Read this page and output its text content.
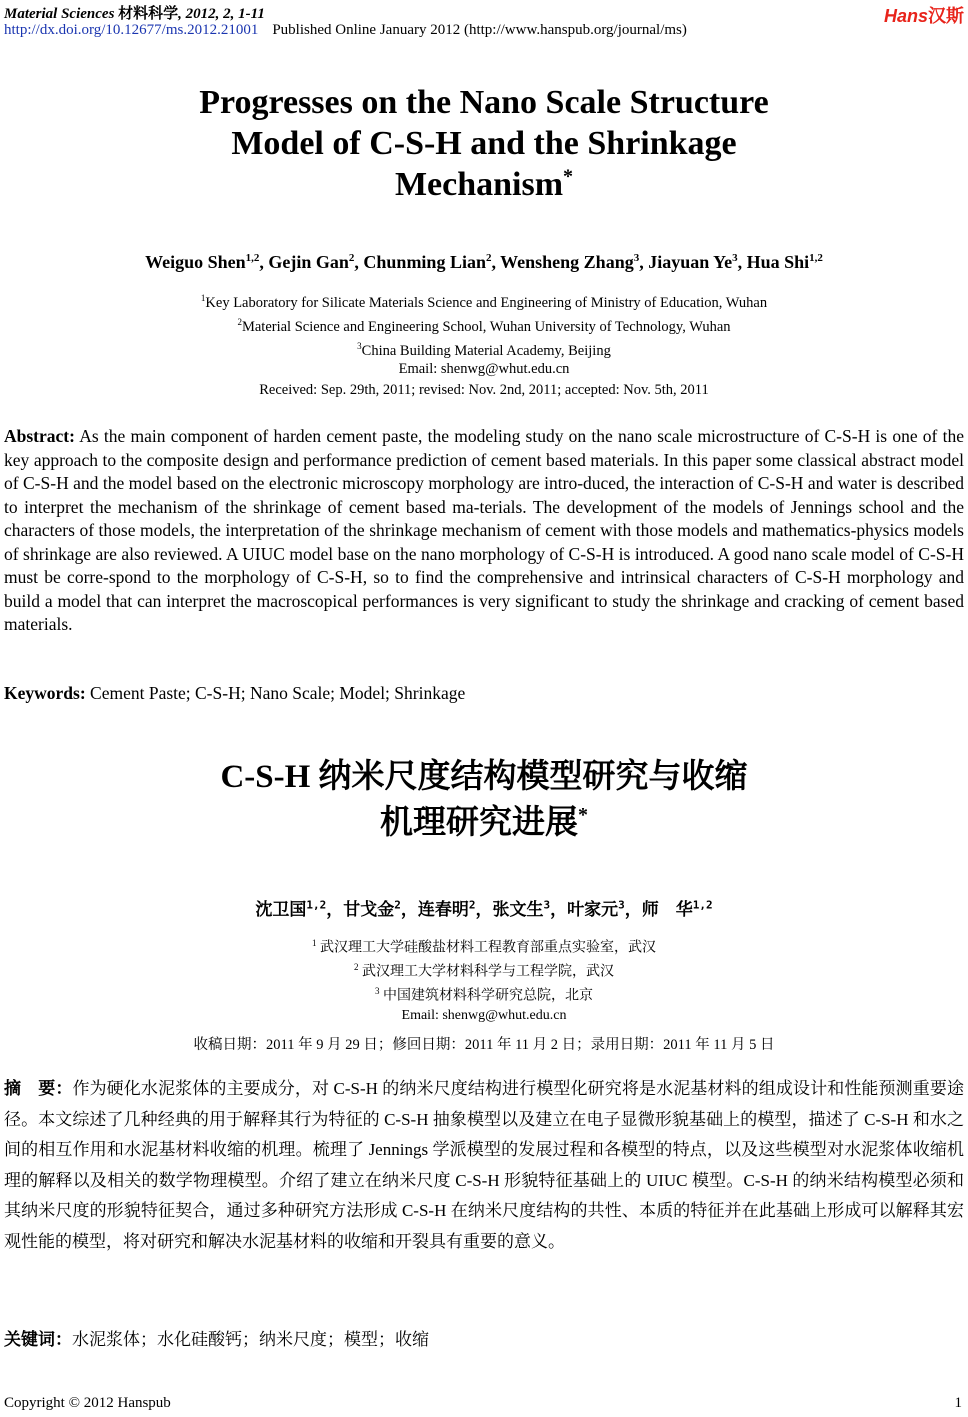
Material Sciences 材料科学, 2012, 2, 1-11
http://dx.doi.org/10.12677/ms.2012.21001 Published Online January 2012 (http://www.hanspub.org/journal/ms)
Hans汉斯
Progresses on the Nano Scale Structure
Model of C-S-H and the Shrinkage
Mechanism*
Weiguo Shen$^{1,2}$, Gejin Gan$^2$, Chunming Lian$^2$, Wensheng Zhang$^3$, Jiayuan Ye$^3$, Hua Shi$^{1,2}$
$^1$Key Laboratory for Silicate Materials Science and Engineering of Ministry of Education, Wuhan
$^2$Material Science and Engineering School, Wuhan University of Technology, Wuhan
$^3$China Building Material Academy, Beijing
Email: shenwg@whut.edu.cn
Received: Sep. 29th, 2011; revised: Nov. 2nd, 2011; accepted: Nov. 5th, 2011
Abstract: As the main component of harden cement paste, the modeling study on the nano scale microstructure of C-S-H is one of the key approach to the composite design and performance prediction of cement based materials. In this paper some classical abstract model of C-S-H and the model based on the electronic microscopy morphology are intro-duced, the interaction of C-S-H and water is described to interpret the mechanism of the shrinkage of cement based ma-terials. The development of the models of Jennings school and the characters of those models, the interpretation of the shrinkage mechanism of cement with those models and mathematics-physics models of shrinkage are also reviewed. A UIUC model base on the nano morphology of C-S-H is introduced. A good nano scale model of C-S-H must be corre-spond to the morphology of C-S-H, so to find the comprehensive and intrinsical characters of C-S-H morphology and build a model that can interpret the macroscopical performances is very significant to study the shrinkage and cracking of cement based materials.
Keywords: Cement Paste; C-S-H; Nano Scale; Model; Shrinkage
C-S-H 纳米尺度结构模型研究与收缩
机理研究进展*
沈卫国$^{1,2}$，甘戈金$^2$，连春明$^2$，张文生$^3$，叶家元$^3$，师　华$^{1,2}$
$^1$ 武汉理工大学硅酸盐材料工程教育部重点实验室，武汉
$^2$ 武汉理工大学材料科学与工程学院，武汉
$^3$ 中国建筑材料科学研究总院，北京
Email: shenwg@whut.edu.cn
收稿日期：2011 年 9 月 29 日；修回日期：2011 年 11 月 2 日；录用日期：2011 年 11 月 5 日
摘　要：作为硬化水泥浆体的主要成分，对 C-S-H 的纳米尺度结构进行模型化研究将是水泥基材料的组成设计和性能预测重要途径。本文综述了几种经典的用于解释其行为特征的 C-S-H 抽象模型以及建立在电子显微形貌基础上的模型，描述了 C-S-H 和水之间的相互作用和水泥基材料收缩的机理。梳理了 Jennings 学派模型的发展过程和各模型的特点，以及这些模型对水泥浆体收缩机理的解释以及相关的数学物理模型。介绍了建立在纳米尺度 C-S-H 形貌特征基础上的 UIUC 模型。C-S-H 的纳米结构模型必须和其纳米尺度的形貌特征契合，通过多种研究方法形成 C-S-H 在纳米尺度结构的共性、本质的特征并在此基础上形成可以解释其宏观性能的模型，将对研究和解决水泥基材料的收缩和开裂具有重要的意义。
关键词：水泥浆体；水化硅酸钙；纳米尺度；模型；收缩
Copyright © 2012 Hanspub	1
